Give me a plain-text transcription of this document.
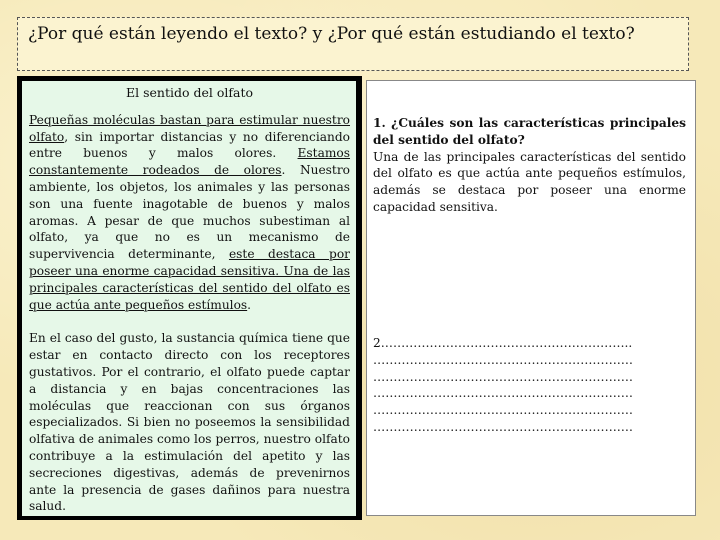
¿Por qué están leyendo el texto? y ¿Por qué están estudiando el texto?
El sentido del olfato

Pequeñas moléculas bastan para estimular nuestro olfato, sin importar distancias y no diferenciando entre buenos y malos olores. Estamos constantemente rodeados de olores. Nuestro ambiente, los objetos, los animales y las personas son una fuente inagotable de buenos y malos aromas. A pesar de que muchos subestiman al olfato, ya que no es un mecanismo de supervivencia determinante, este destaca por poseer una enorme capacidad sensitiva. Una de las principales características del sentido del olfato es que actúa ante pequeños estímulos.

En el caso del gusto, la sustancia química tiene que estar en contacto directo con los receptores gustativos. Por el contrario, el olfato puede captar a distancia y en bajas concentraciones las moléculas que reaccionan con sus órganos especializados. Si bien no poseemos la sensibilidad olfativa de animales como los perros, nuestro olfato contribuye a la estimulación del apetito y las secreciones digestivas, además de prevenirnos ante la presencia de gases dañinos para nuestra salud.

1. ¿Cuáles son las características principales del sentido del olfato?
Una de las principales características del sentido del olfato es que actúa ante pequeños estímulos, además se destaca por poseer una enorme capacidad sensitiva.
2……………………………………………………..
……………………………………………………….
……………………………………………………….
……………………………………………………….
……………………………………………………….
……………………………………………………….
